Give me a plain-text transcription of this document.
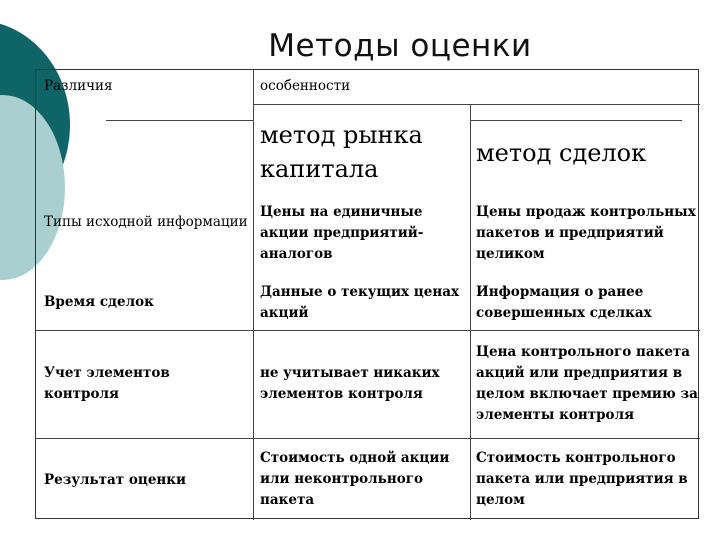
Методы оценки
Различия	особенности
метод рынка капитала
метод сделок
Типы исходной информации
Цены на единичные акции предприятий-аналогов
Цены продаж контрольных пакетов и предприятий целиком
Время сделок
Данные о текущих ценах акций
Информация о ранее совершенных сделках
Учет элементов контроля
не учитывает никаких элементов контроля
Цена контрольного пакета акций или предприятия в целом включает премию за элементы контроля
Результат оценки
Стоимость одной акции или неконтрольного пакета
Стоимость контрольного пакета или предприятия в целом
